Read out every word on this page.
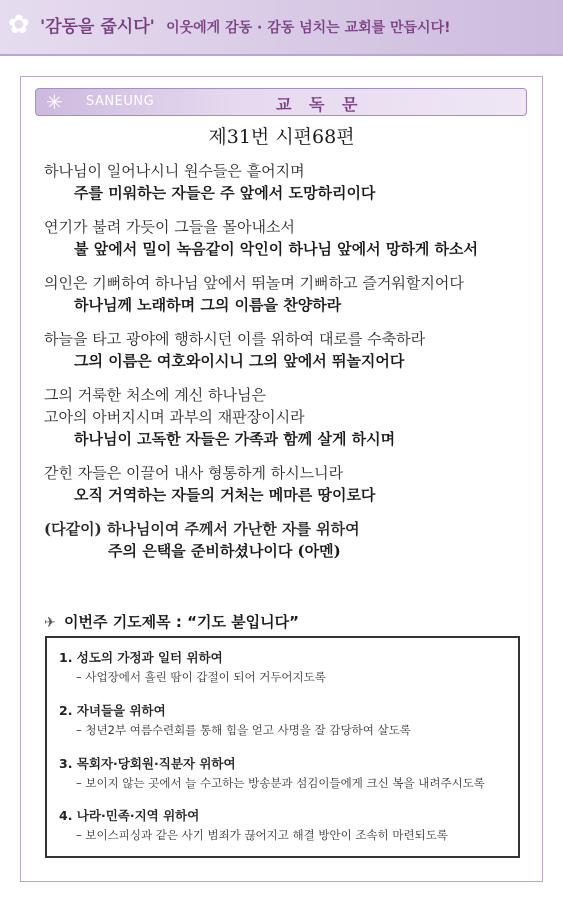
✿ '감동을 줍시다' 이웃에게 감동 · 감동 넘치는 교회를 만듭시다!
✳ SANEUNG	교 독 문
제31번 시편68편
하나님이 일어나시니 원수들은 흩어지며
주를 미워하는 자들은 주 앞에서 도망하리이다
연기가 불려 가듯이 그들을 몰아내소서
불 앞에서 밀이 녹음같이 악인이 하나님 앞에서 망하게 하소서
의인은 기뻐하여 하나님 앞에서 뛰놀며 기뻐하고 즐거워할지어다
하나님께 노래하며 그의 이름을 찬양하라
하늘을 타고 광야에 행하시던 이를 위하여 대로를 수축하라
그의 이름은 여호와이시니 그의 앞에서 뛰놀지어다
그의 거룩한 처소에 계신 하나님은
고아의 아버지시며 과부의 재판장이시라
하나님이 고독한 자들은 가족과 함께 살게 하시며
갇힌 자들은 이끌어 내사 형통하게 하시느니라
오직 거역하는 자들의 거처는 메마른 땅이로다
(다같이) 하나님이여 주께서 가난한 자를 위하여
주의 은택을 준비하셨나이다 (아멘)
✈ 이번주 기도제목 : “기도 붇입니다”
1. 성도의 가정과 일터 위하여
– 사업장에서 흘린 땀이 갑절이 되어 거두어지도록
2. 자녀들을 위하여
– 청년2부 여름수련회를 통해 힘을 얻고 사명을 잘 감당하여 살도록
3. 목회자·당회원·직분자 위하여
– 보이지 않는 곳에서 늘 수고하는 방송분과 섬김이들에게 크신 복을 내려주시도록
4. 나라·민족·지역 위하여
– 보이스피싱과 같은 사기 범죄가 끊어지고 해결 방안이 조속히 마련되도록
